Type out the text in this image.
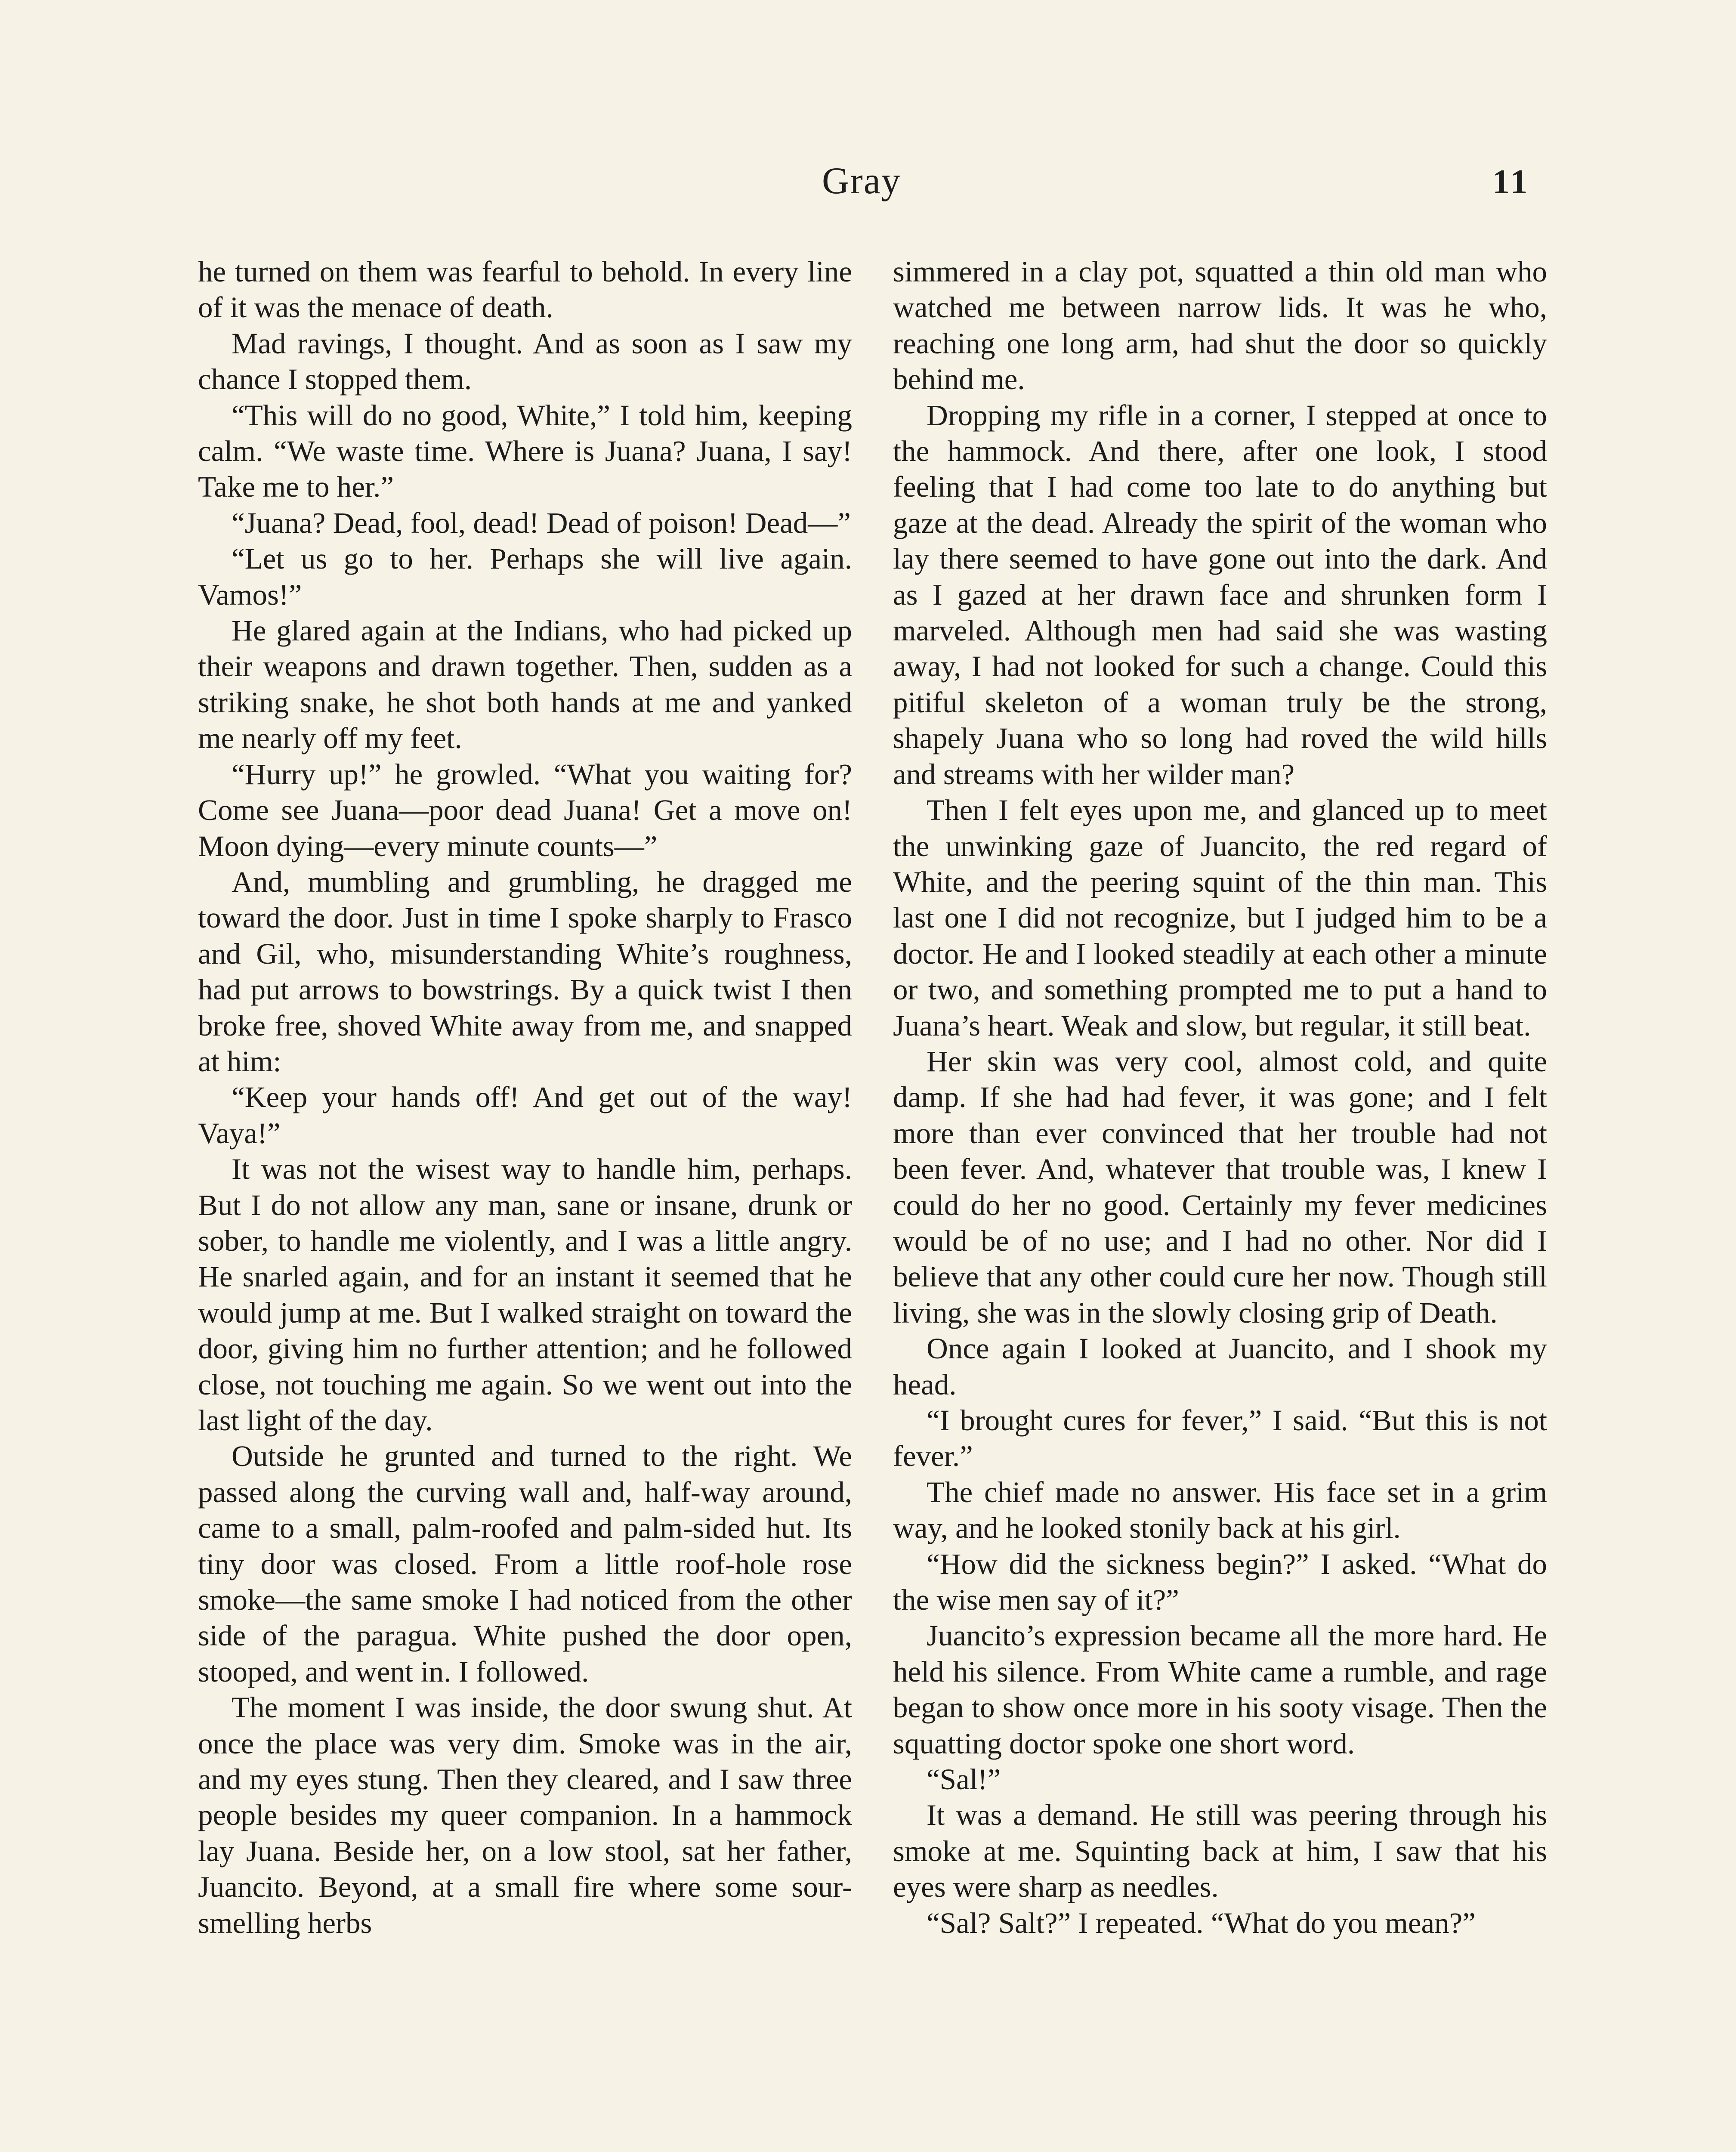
Gray	11

he turned on them was fearful to behold. In every line of it was the menace of death.

Mad ravings, I thought. And as soon as I saw my chance I stopped them.

“This will do no good, White,” I told him, keeping calm. “We waste time. Where is Juana? Juana, I say! Take me to her.”

“Juana? Dead, fool, dead! Dead of poison! Dead—”

“Let us go to her. Perhaps she will live again. Vamos!”

He glared again at the Indians, who had picked up their weapons and drawn together. Then, sudden as a striking snake, he shot both hands at me and yanked me nearly off my feet.

“Hurry up!” he growled. “What you waiting for? Come see Juana—poor dead Juana! Get a move on! Moon dying—every minute counts—”

And, mumbling and grumbling, he dragged me toward the door. Just in time I spoke sharply to Frasco and Gil, who, misunderstanding White’s roughness, had put arrows to bowstrings. By a quick twist I then broke free, shoved White away from me, and snapped at him:

“Keep your hands off! And get out of the way! Vaya!”

It was not the wisest way to handle him, perhaps. But I do not allow any man, sane or insane, drunk or sober, to handle me violently, and I was a little angry. He snarled again, and for an instant it seemed that he would jump at me. But I walked straight on toward the door, giving him no further attention; and he followed close, not touching me again. So we went out into the last light of the day.

Outside he grunted and turned to the right. We passed along the curving wall and, half-way around, came to a small, palm-roofed and palm-sided hut. Its tiny door was closed. From a little roof-hole rose smoke—the same smoke I had noticed from the other side of the paragua. White pushed the door open, stooped, and went in. I followed.

The moment I was inside, the door swung shut. At once the place was very dim. Smoke was in the air, and my eyes stung. Then they cleared, and I saw three people besides my queer companion. In a hammock lay Juana. Beside her, on a low stool, sat her father, Juancito. Beyond, at a small fire where some sour-smelling herbs

simmered in a clay pot, squatted a thin old man who watched me between narrow lids. It was he who, reaching one long arm, had shut the door so quickly behind me.

Dropping my rifle in a corner, I stepped at once to the hammock. And there, after one look, I stood feeling that I had come too late to do anything but gaze at the dead. Already the spirit of the woman who lay there seemed to have gone out into the dark. And as I gazed at her drawn face and shrunken form I marveled. Although men had said she was wasting away, I had not looked for such a change. Could this pitiful skeleton of a woman truly be the strong, shapely Juana who so long had roved the wild hills and streams with her wilder man?

Then I felt eyes upon me, and glanced up to meet the unwinking gaze of Juancito, the red regard of White, and the peering squint of the thin man. This last one I did not recognize, but I judged him to be a doctor. He and I looked steadily at each other a minute or two, and something prompted me to put a hand to Juana’s heart. Weak and slow, but regular, it still beat.

Her skin was very cool, almost cold, and quite damp. If she had had fever, it was gone; and I felt more than ever convinced that her trouble had not been fever. And, whatever that trouble was, I knew I could do her no good. Certainly my fever medicines would be of no use; and I had no other. Nor did I believe that any other could cure her now. Though still living, she was in the slowly closing grip of Death.

Once again I looked at Juancito, and I shook my head.

“I brought cures for fever,” I said. “But this is not fever.”

The chief made no answer. His face set in a grim way, and he looked stonily back at his girl.

“How did the sickness begin?” I asked. “What do the wise men say of it?”

Juancito’s expression became all the more hard. He held his silence. From White came a rumble, and rage began to show once more in his sooty visage. Then the squatting doctor spoke one short word.

“Sal!”

It was a demand. He still was peering through his smoke at me. Squinting back at him, I saw that his eyes were sharp as needles.

“Sal? Salt?” I repeated. “What do you mean?”
